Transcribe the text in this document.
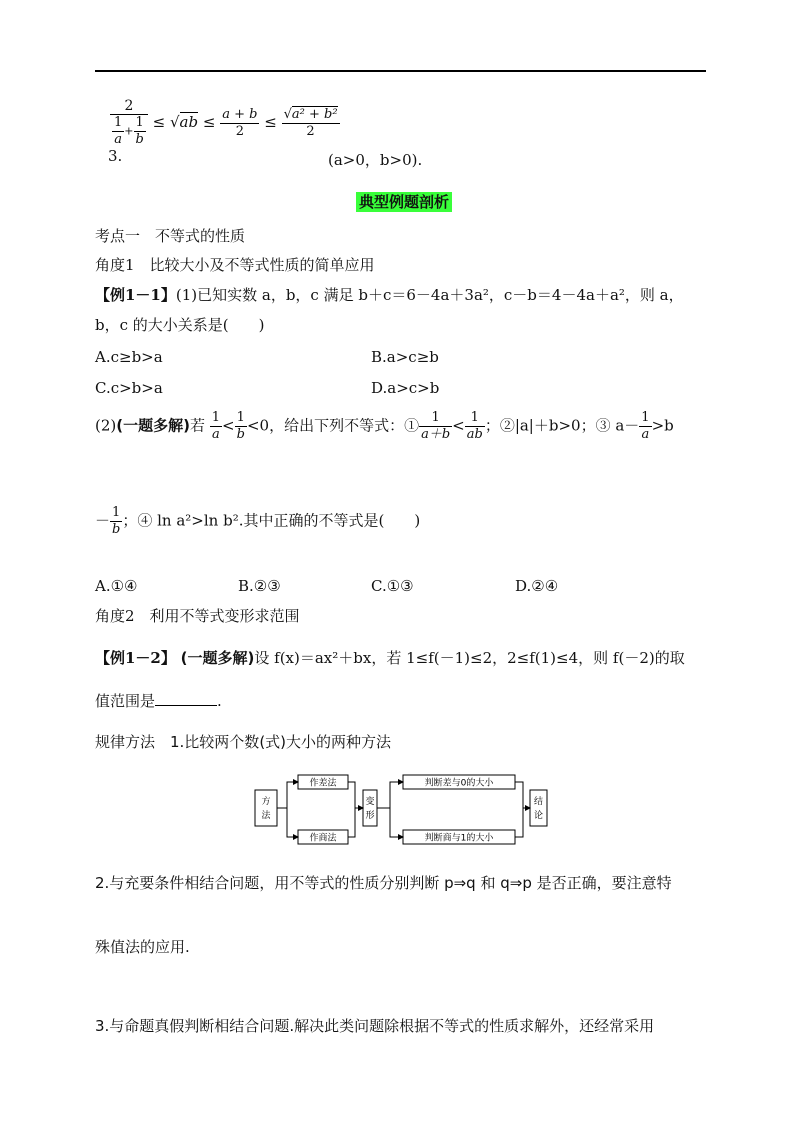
$\frac{2}{\frac{1}{a} + \frac{1}{b}} \le √ab \le \frac{a + b}{2} \le \frac{\text{√a² + b²}}{2}$
3.	(a>0，b>0).
典型例题剖析
考点一　不等式的性质
角度1　比较大小及不等式性质的简单应用
【例1－1】(1)已知实数 a，b，c 满足 b＋c＝6－4a＋3a²，c－b＝4－4a＋a²，则 a，
b，c 的大小关系是(　　)
A.c≥b>a	B.a>c≥b
C.c>b>a	D.a>c>b
(2)(一题多解)若 $\frac{1}{a} < \frac{1}{b} <0$，给出下列不等式：① $\frac{1}{a+b} < \frac{1}{ab}$ ；②|a|＋b>0；③ $a- \frac{1}{a} >b$
－ $\frac{1}{b}$ ；④ ln a²>ln b².其中正确的不等式是(　　)
A.①④	B.②③	C.①③	D.②④
角度2　利用不等式变形求范围
【例1－2】 (一题多解)设 f(x)＝ax²＋bx，若 1≤f(－1)≤2，2≤f(1)≤4，则 f(－2)的取
值范围是	.
规律方法　1.比较两个数(式)大小的两种方法
方
法
作差法
作商法
变
形
判断差与0的大小
判断商与1的大小
结
论
2.与充要条件相结合问题，用不等式的性质分别判断 p⇒q 和 q⇒p 是否正确，要注意特
殊值法的应用.
3.与命题真假判断相结合问题.解决此类问题除根据不等式的性质求解外，还经常采用
